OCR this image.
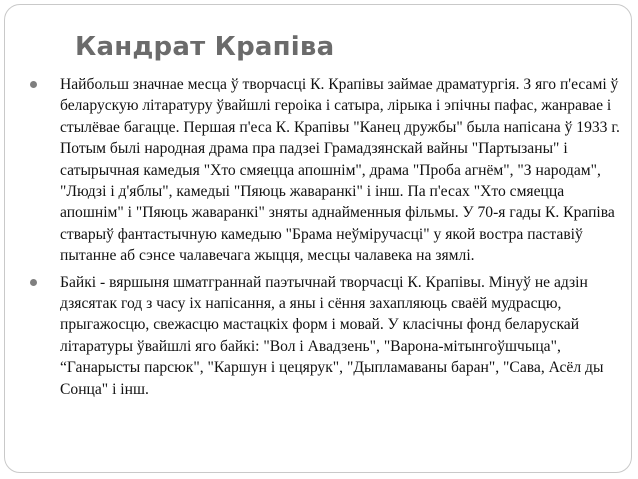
Кандрат Крапіва

Найбольш значнае месца ў творчасці К. Крапівы займае драматургія. З яго п'есамі ў беларускую літаратуру ўвайшлі героіка і сатыра, лірыка і эпічны пафас, жанравае і стылёвае багацце. Першая п'еса К. Крапівы "Канец дружбы" была напісана ў 1933 г. Потым былі народная драма пра падзеі Грамадзянскай вайны "Партызаны" і сатырычная камедыя "Хто смяецца апошнім", драма "Проба агнём", "З народам", "Людзі і д'яблы", камедыі "Пяюць жаваранкі" і інш. Па п'есах "Хто смяецца апошнім" і "Пяюць жаваранкі" зняты аднайменныя фільмы. У 70-я гады К. Крапіва стварыў фантастычную камедыю "Брама неўміручасці" у якой востра паставіў пытанне аб сэнсе чалавечага жыцця, месцы чалавека на зямлі.

Байкі - вяршыня шматграннай паэтычнай творчасці К. Крапівы. Мінуў не адзін дзясятак год з часу іх напісання, а яны і сёння захапляюць сваёй мудрасцю, прыгажосцю, свежасцю мастацкіх форм і мовай. У класічны фонд беларускай літаратуры ўвайшлі яго байкі: "Вол і Авадзень", "Варона-мітынгоўшчыца", “Ганарысты парсюк", "Каршун і цецярук", "Дыпламаваны баран", "Сава, Асёл ды Сонца" і інш.
